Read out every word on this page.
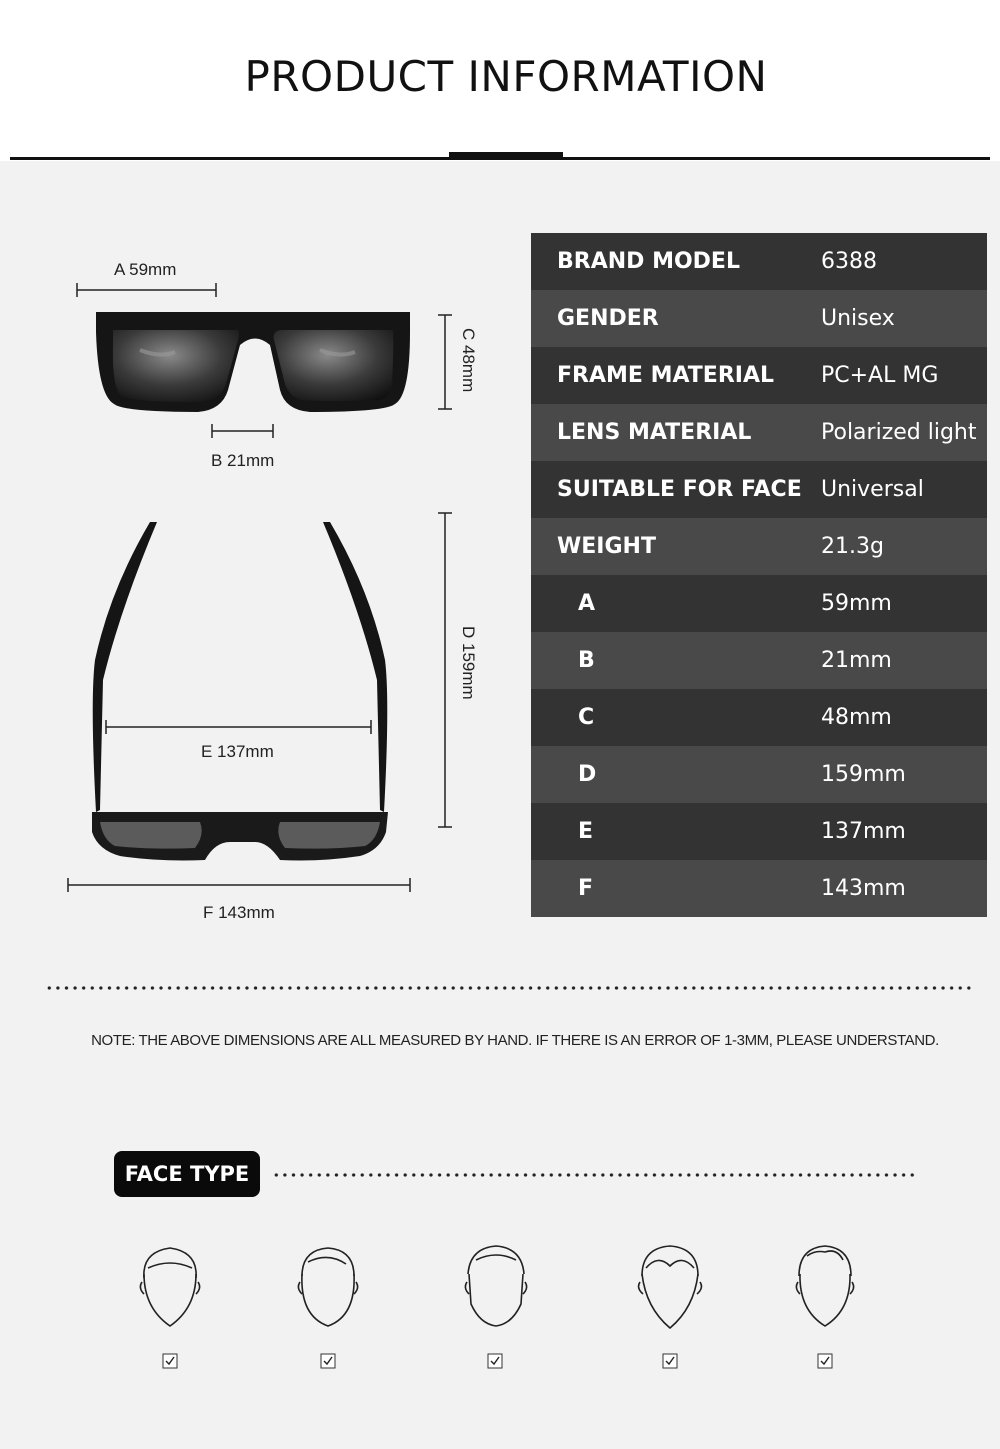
PRODUCT INFORMATION
A 59mm
B 21mm
C 48mm
D 159mm
E 137mm
F 143mm
BRAND MODEL	6388
GENDER	Unisex
FRAME MATERIAL PC+AL MG
LENS MATERIAL	Polarized light
SUITABLE FOR FACE Universal
WEIGHT	21.3g
A	59mm
B	21mm
C	48mm
D	159mm
E	137mm
F	143mm
NOTE: THE ABOVE DIMENSIONS ARE ALL MEASURED BY HAND. IF THERE IS AN ERROR OF 1-3MM, PLEASE UNDERSTAND.
FACE TYPE
